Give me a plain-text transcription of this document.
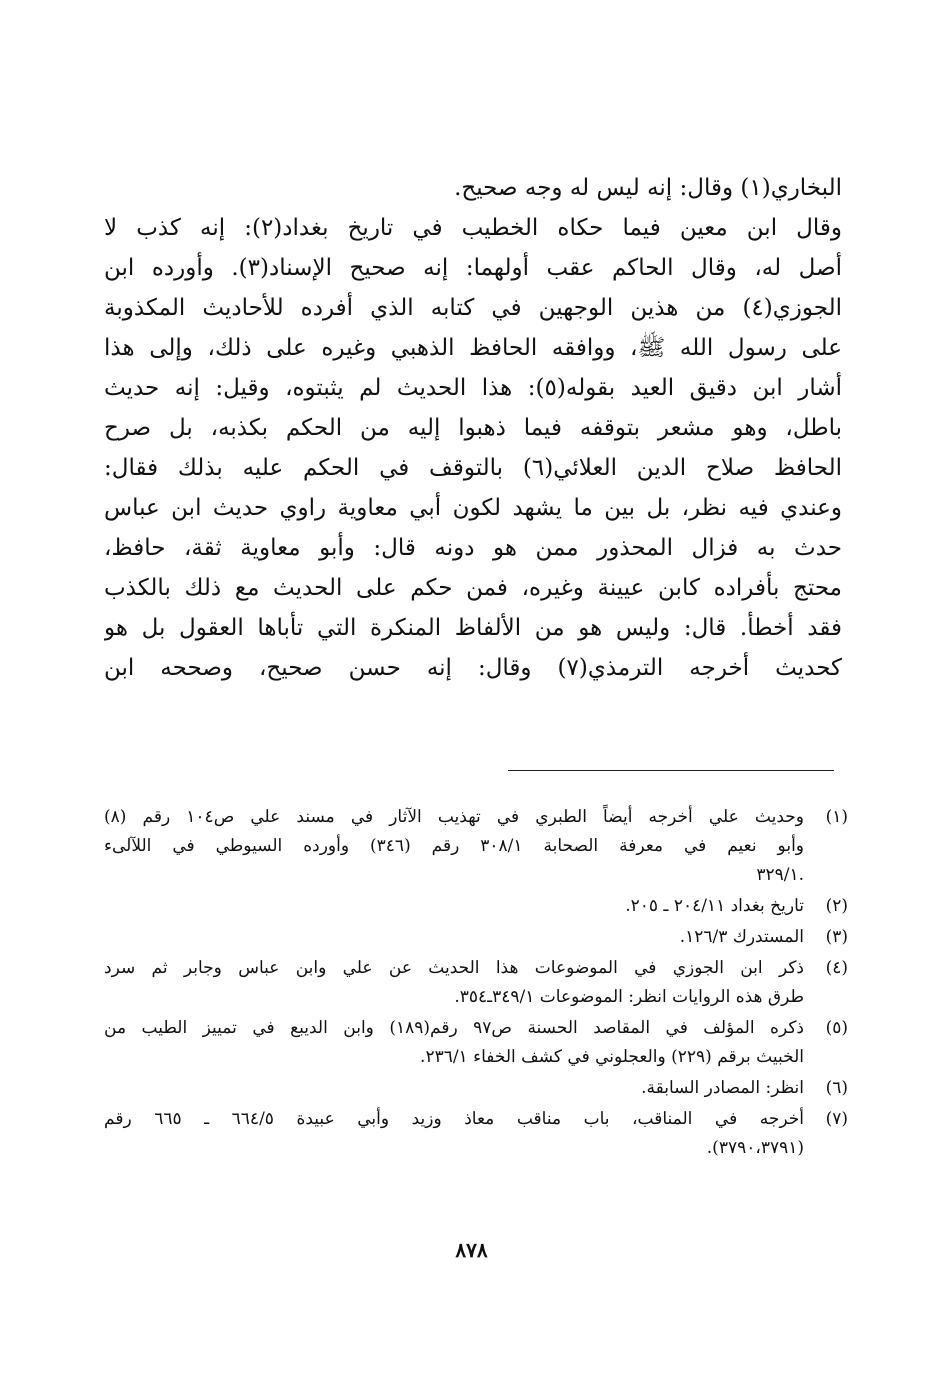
البخاري(١) وقال: إنه ليس له وجه صحيح.
وقال ابن معين فيما حكاه الخطيب في تاريخ بغداد(٢): إنه كذب لا
أصل له، وقال الحاكم عقب أولهما: إنه صحيح الإسناد(٣). وأورده ابن
الجوزي(٤) من هذين الوجهين في كتابه الذي أفرده للأحاديث المكذوبة
على رسول الله ﷺ، ووافقه الحافظ الذهبي وغيره على ذلك، وإلى هذا
أشار ابن دقيق العيد بقوله(٥): هذا الحديث لم يثبتوه، وقيل: إنه حديث
باطل، وهو مشعر بتوقفه فيما ذهبوا إليه من الحكم بكذبه، بل صرح
الحافظ صلاح الدين العلائي(٦) بالتوقف في الحكم عليه بذلك فقال:
وعندي فيه نظر، بل بين ما يشهد لكون أبي معاوية راوي حديث ابن عباس
حدث به فزال المحذور ممن هو دونه قال: وأبو معاوية ثقة، حافظ،
محتج بأفراده كابن عيينة وغيره، فمن حكم على الحديث مع ذلك بالكذب
فقد أخطأ. قال: وليس هو من الألفاظ المنكرة التي تأباها العقول بل هو
كحديث أخرجه الترمذي(٧) وقال: إنه حسن صحيح، وصححه ابن
(١)
وحديث علي أخرجه أيضاً الطبري في تهذيب الآثار في مسند علي ص١٠٤ رقم (٨)
وأبو نعيم في معرفة الصحابة ٣٠٨/١ رقم (٣٤٦) وأورده السيوطي في اللآلىء
.٣٢٩/١
(٢)
تاريخ بغداد ٢٠٤/١١ ـ ٢٠٥.
(٣)
المستدرك ١٢٦/٣.
(٤)
ذكر ابن الجوزي في الموضوعات هذا الحديث عن علي وابن عباس وجابر ثم سرد
طرق هذه الروايات انظر: الموضوعات ٣٤٩/١ـ٣٥٤.
(٥)
ذكره المؤلف في المقاصد الحسنة ص٩٧ رقم(١٨٩) وابن الديبع في تمييز الطيب من
الخبيث برقم (٢٢٩) والعجلوني في كشف الخفاء ٢٣٦/١.
(٦)
انظر: المصادر السابقة.
(٧)
أخرجه في المناقب، باب مناقب معاذ وزيد وأبي عبيدة ٦٦٤/٥ ـ ٦٦٥ رقم
(٣٧٩٠،٣٧٩١).
٨٧٨
